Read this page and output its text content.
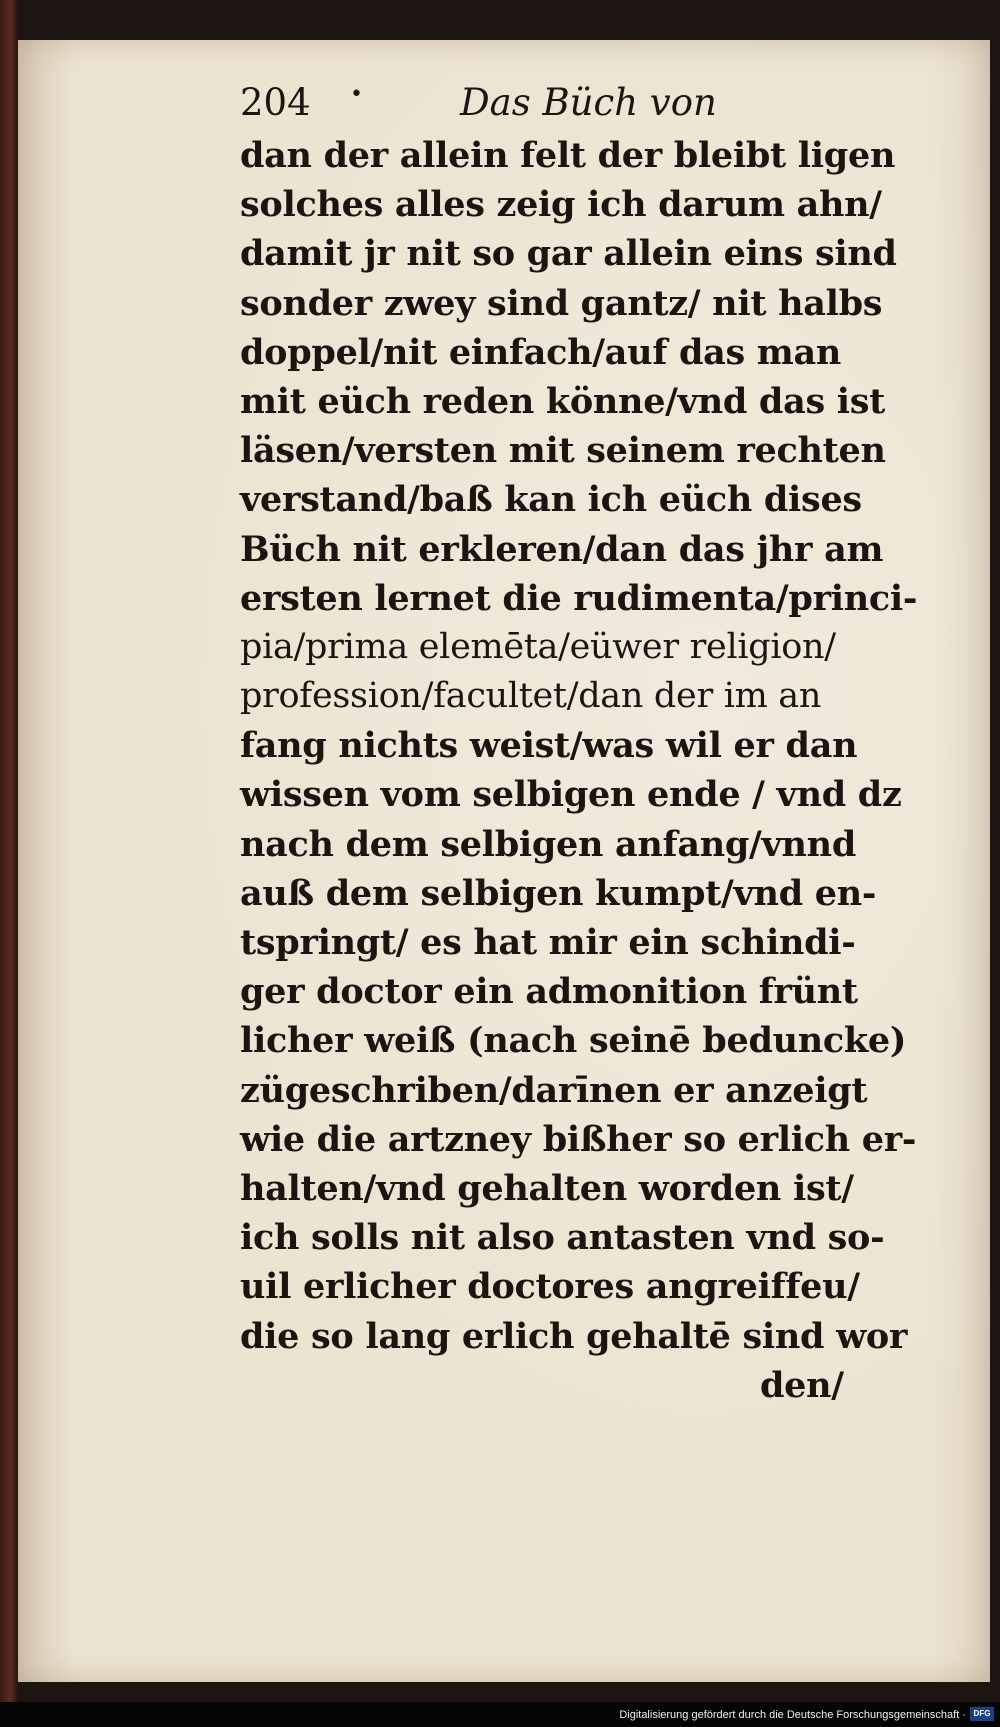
204 •	Das Büch von
dan der allein felt der bleibt ligen
solches alles zeig ich darum ahn/
damit jr nit so gar allein eins sind
sonder zwey sind gantz/ nit halbs
doppel/nit einfach/auf das man
mit eüch reden könne/vnd das ist
läsen/versten mit seinem rechten
verstand/baß kan ich eüch dises
Büch nit erkleren/dan das jhr am
ersten lernet die rudimenta/princi-
pia/prima elemēta/eüwer religion/
profession/facultet/dan der im an
fang nichts weist/was wil er dan
wissen vom selbigen ende / vnd dz
nach dem selbigen anfang/vnnd
auß dem selbigen kumpt/vnd en-
tspringt/ es hat mir ein schindi-
ger doctor ein admonition frünt
licher weiß (nach seinē beduncke)
zügeschriben/darīnen er anzeigt
wie die artzney bißher so erlich er-
halten/vnd gehalten worden ist/
ich solls nit also antasten vnd so-
uil erlicher doctores angreiffeu/
die so lang erlich gehaltē sind wor
den/
Digitalisierung gefördert durch die Deutsche Forschungsgemeinschaft · DFG
